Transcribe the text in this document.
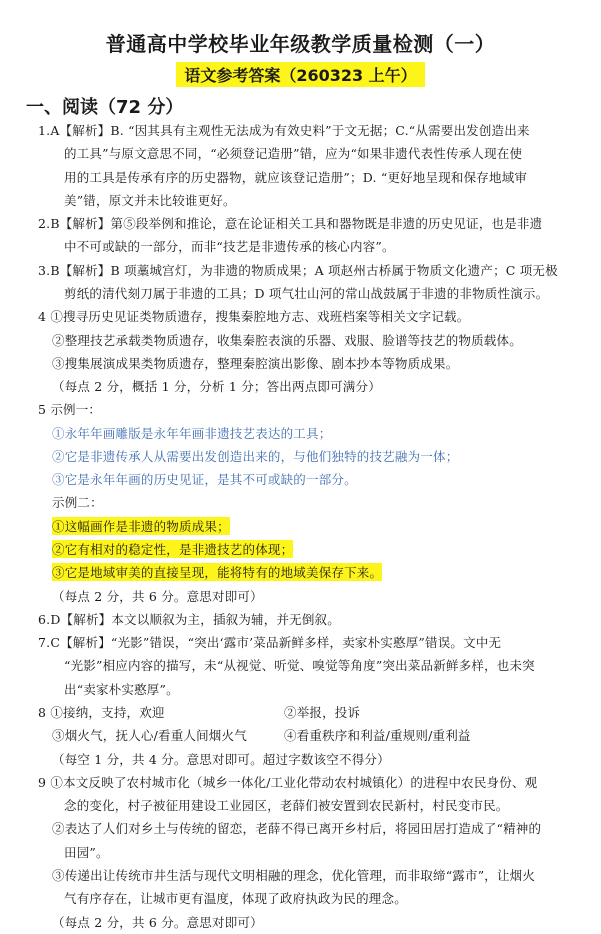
普通高中学校毕业年级教学质量检测（一）
语文参考答案（260323 上午）
一、阅读（72 分）
1.A【解析】B. “因其具有主观性无法成为有效史料”于文无据；C.“从需要出发创造出来
的工具”与原文意思不同，“必须登记造册”错，应为“如果非遗代表性传承人现在使
用的工具是传承有序的历史器物，就应该登记造册”；D. “更好地呈现和保存地域审
美”错，原文并未比较谁更好。
2.B【解析】第⑤段举例和推论，意在论证相关工具和器物既是非遗的历史见证，也是非遗
中不可或缺的一部分，而非“技艺是非遗传承的核心内容”。
3.B【解析】B 项藁城宫灯，为非遗的物质成果；A 项赵州古桥属于物质文化遗产；C 项无极
剪纸的清代刻刀属于非遗的工具；D 项气壮山河的常山战鼓属于非遗的非物质性演示。
4 ①搜寻历史见证类物质遗存，搜集秦腔地方志、戏班档案等相关文字记载。
②整理技艺承载类物质遗存，收集秦腔表演的乐器、戏服、脸谱等技艺的物质载体。
③搜集展演成果类物质遗存，整理秦腔演出影像、剧本抄本等物质成果。
（每点 2 分，概括 1 分，分析 1 分；答出两点即可满分）
5 示例一：
①永年年画雕版是永年年画非遗技艺表达的工具；
②它是非遗传承人从需要出发创造出来的，与他们独特的技艺融为一体；
③它是永年年画的历史见证，是其不可或缺的一部分。
示例二：
①这幅画作是非遗的物质成果；
②它有相对的稳定性，是非遗技艺的体现；
③它是地域审美的直接呈现，能将特有的地域美保存下来。
（每点 2 分，共 6 分。意思对即可）
6.D【解析】本文以顺叙为主，插叙为辅，并无倒叙。
7.C【解析】“光影”错误，“突出‘露市’菜品新鲜多样，卖家朴实憨厚”错误。文中无
“光影”相应内容的描写，未“从视觉、听觉、嗅觉等角度”突出菜品新鲜多样，也未突
出“卖家朴实憨厚”。
8 ①接纳，支持，欢迎	②举报，投诉
③烟火气，抚人心/看重人间烟火气	④看重秩序和利益/重规则/重利益
（每空 1 分，共 4 分。意思对即可。超过字数该空不得分）
9 ①本文反映了农村城市化（城乡一体化/工业化带动农村城镇化）的进程中农民身份、观
念的变化，村子被征用建设工业园区，老薛们被安置到农民新村，村民变市民。
②表达了人们对乡土与传统的留恋，老薛不得已离开乡村后，将园田居打造成了“精神的
田园”。
③传递出让传统市井生活与现代文明相融的理念，优化管理，而非取缔“露市”，让烟火
气有序存在，让城市更有温度，体现了政府执政为民的理念。
（每点 2 分，共 6 分。意思对即可）
